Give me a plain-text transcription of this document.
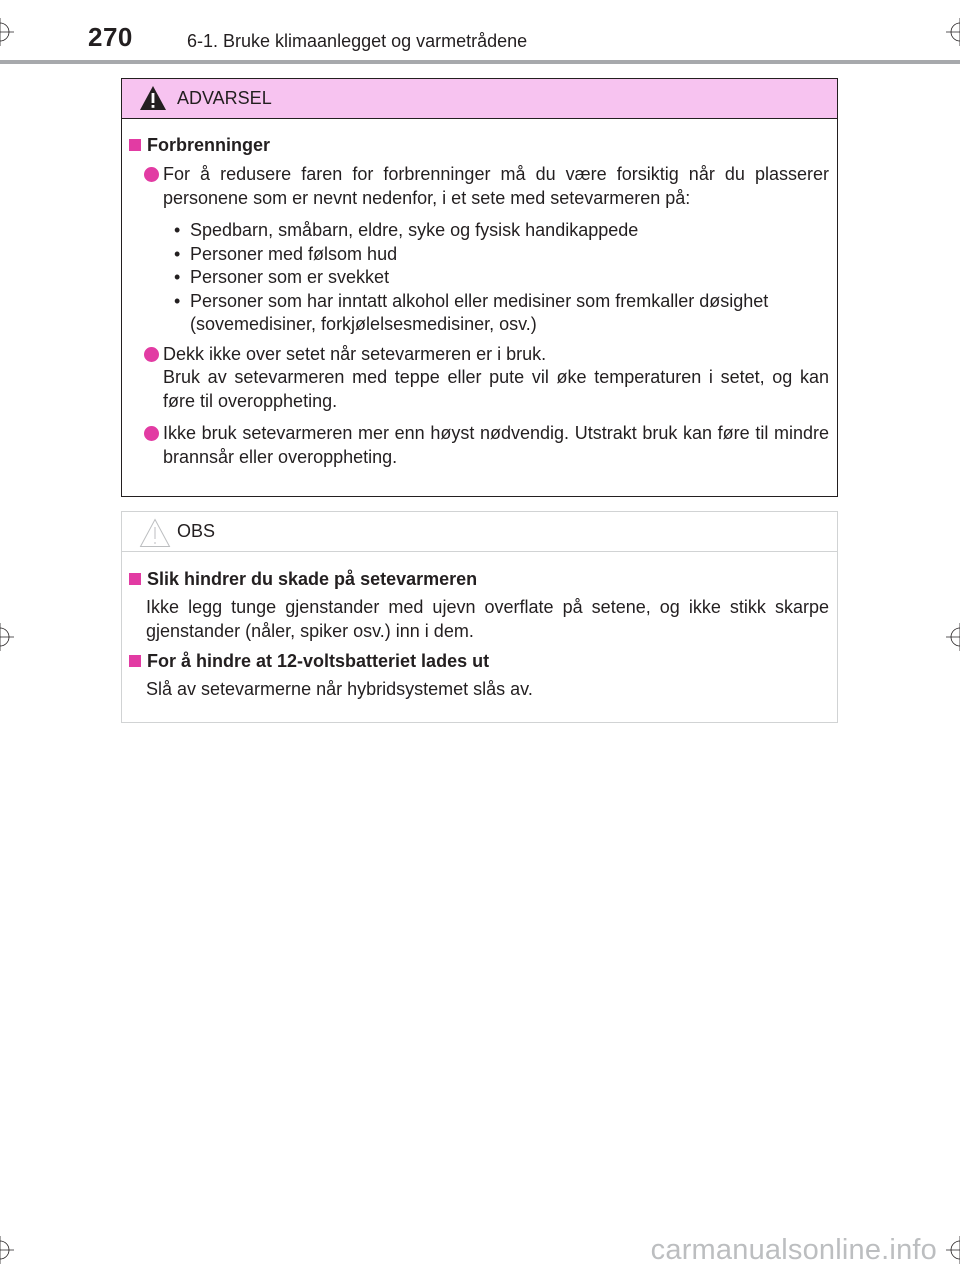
270	6-1. Bruke klimaanlegget og varmetrådene
ADVARSEL
Forbrenninger

For å redusere faren for forbrenninger må du være forsiktig når du plasserer personene som er nevnt nedenfor, i et sete med setevarmeren på:

• Spedbarn, småbarn, eldre, syke og fysisk handikappede
• Personer med følsom hud
• Personer som er svekket
• Personer som har inntatt alkohol eller medisiner som fremkaller døsighet (sovemedisiner, forkjølelsesmedisiner, osv.)

Dekk ikke over setet når setevarmeren er i bruk.

Bruk av setevarmeren med teppe eller pute vil øke temperaturen i setet, og kan føre til overoppheting.

Ikke bruk setevarmeren mer enn høyst nødvendig. Utstrakt bruk kan føre til mindre brannsår eller overoppheting.

OBS
Slik hindrer du skade på setevarmeren
Ikke legg tunge gjenstander med ujevn overflate på setene, og ikke stikk skarpe gjenstander (nåler, spiker osv.) inn i dem.
For å hindre at 12-voltsbatteriet lades ut
Slå av setevarmerne når hybridsystemet slås av.
carmanualsonline.info
